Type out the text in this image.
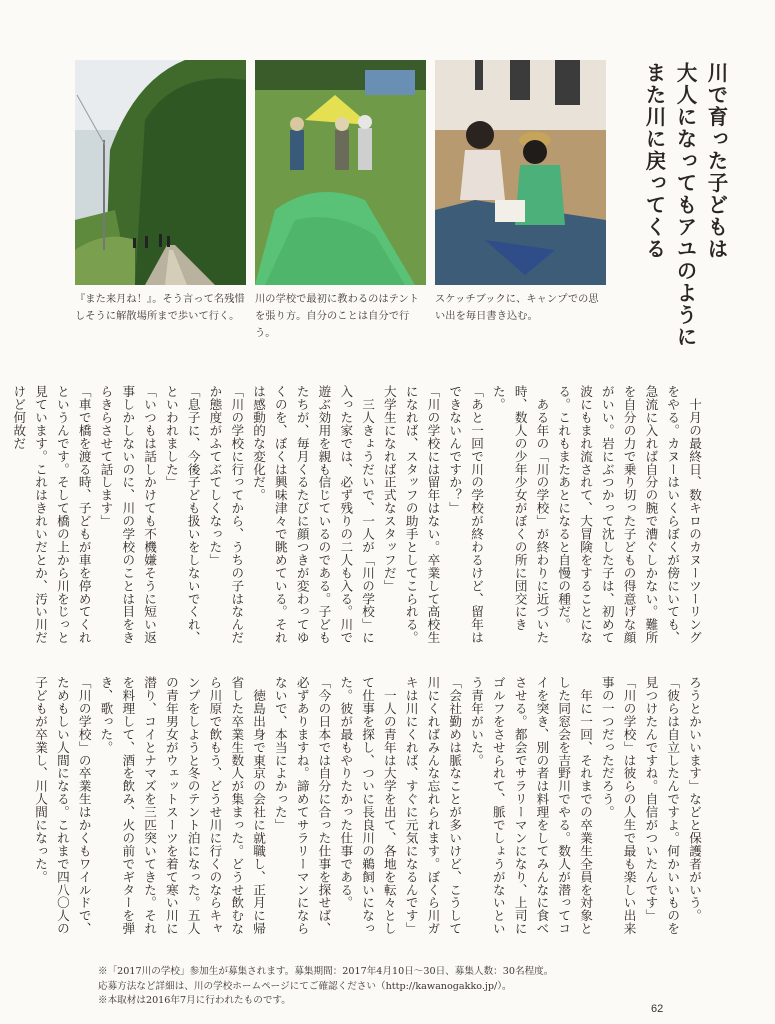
『また来月ね！』。そう言って名残惜しそうに解散場所まで歩いて行く。
川の学校で最初に教わるのはテントを張り方。自分のことは自分で行う。
スケッチブックに、キャンプでの思い出を毎日書き込む。
川で育った子どもは
大人になってもアユのように
また川に戻ってくる

　十月の最終日、数キロのカヌーツーリングをやる。カヌーはいくらぼくが傍にいても、急流に入れば自分の腕で漕ぐしかない。難所を自分の力で乗り切った子どもの得意げな顔がいい。岩にぶつかって沈した子は、初めて波にもまれ流されて、大冒険をすることになる。これもまたあとになると自慢の種だ。

　ある年の「川の学校」が終わりに近づいた時、数人の少年少女がぼくの所に団交にきた。

「あと一回で川の学校が終わるけど、留年はできないんですか？」

「川の学校には留年はない。卒業して高校生になれば、スタッフの助手としてこられる。大学生になれば正式なスタッフだ」

　三人きょうだいで、一人が「川の学校」に入った家では、必ず残りの二人も入る。川で遊ぶ効用を親も信じているのである。子どもたちが、毎月くるたびに顔つきが変わってゆくのを、ぼくは興味津々で眺めている。それは感動的な変化だ。

「川の学校に行ってから、うちの子はなんだか態度がふてぶてしくなった」

「息子に、今後子ども扱いをしないでくれ、といわれました」

「いつもは話しかけても不機嫌そうに短い返事しかしないのに、川の学校のことは目をきらきらさせて話します」

「車で橋を渡る時、子どもが車を停めてくれというんです。そして橋の上から川をじっと見ています。これはきれいだとか、汚い川だけど何故だ

ろうとかいいます」などと保護者がいう。

「彼らは自立したんですよ。何かいいものを見つけたんですね。自信がついたんです」

「川の学校」は彼らの人生で最も楽しい出来事の一つだっただろう。

　年に一回、それまでの卒業生全員を対象とした同窓会を吉野川でやる。数人が潜ってコイを突き、別の者は料理をしてみんなに食べさせる。都会でサラリーマンになり、上司にゴルフをさせられて、脈でしょうがないという青年がいた。

「会社勤めは脈なことが多いけど、こうして川にくればみんな忘れられます。ぼくら川ガキは川にくれば、すぐに元気になるんです」

　一人の青年は大学を出て、各地を転々として仕事を探し、ついに長良川の鵜飼いになった。彼が最もやりたかった仕事である。

「今の日本では自分に合った仕事を探せば、必ずありますね。諦めてサラリーマンにならないで、本当によかった」

　徳島出身で東京の会社に就職し、正月に帰省した卒業生数人が集まった。どうせ飲むなら川原で飲もう、どうせ川に行くのならキャンプをしようと冬のテント泊になった。五人の青年男女がウェットスーツを着て寒い川に潜り、コイとナマズを三匹突いてきた。それを料理して、酒を飲み、火の前でギターを弾き、歌った。

「川の学校」の卒業生はかくもワイルドで、ためもしい人間になる。これまで四八〇人の子どもが卒業し、川人間になった。

※「2017川の学校」参加生が募集されます。募集期間：2017年4月10日〜30日、募集人数：30名程度。
応募方法など詳細は、川の学校ホームページにてご確認ください（http://kawanogakko.jp/）。
※本取材は2016年7月に行われたものです。
62
